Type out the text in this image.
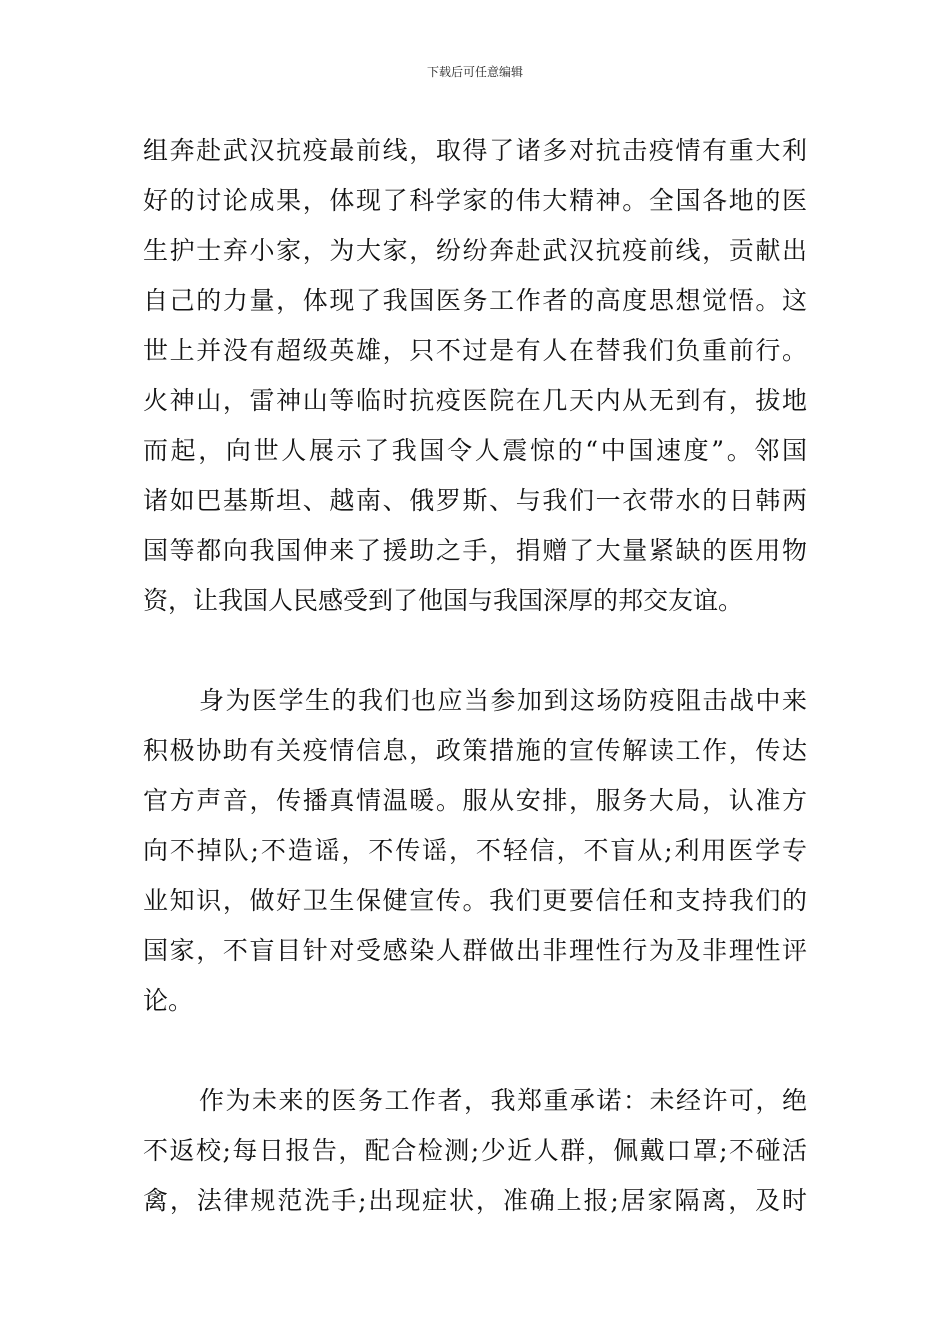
下载后可任意编辑
组奔赴武汉抗疫最前线，取得了诸多对抗击疫情有重大利
好的讨论成果，体现了科学家的伟大精神。全国各地的医
生护士弃小家，为大家，纷纷奔赴武汉抗疫前线，贡献出
自己的力量，体现了我国医务工作者的高度思想觉悟。这
世上并没有超级英雄，只不过是有人在替我们负重前行。
火神山，雷神山等临时抗疫医院在几天内从无到有，拔地
而起，向世人展示了我国令人震惊的“中国速度”。邻国
诸如巴基斯坦、越南、俄罗斯、与我们一衣带水的日韩两
国等都向我国伸来了援助之手，捐赠了大量紧缺的医用物
资，让我国人民感受到了他国与我国深厚的邦交友谊。
身为医学生的我们也应当参加到这场防疫阻击战中来
积极协助有关疫情信息，政策措施的宣传解读工作，传达
官方声音，传播真情温暖。服从安排，服务大局，认准方
向不掉队;不造谣，不传谣，不轻信，不盲从;利用医学专
业知识，做好卫生保健宣传。我们更要信任和支持我们的
国家，不盲目针对受感染人群做出非理性行为及非理性评
论。
作为未来的医务工作者，我郑重承诺：未经许可，绝
不返校;每日报告，配合检测;少近人群，佩戴口罩;不碰活
禽，法律规范洗手;出现症状，准确上报;居家隔离，及时
